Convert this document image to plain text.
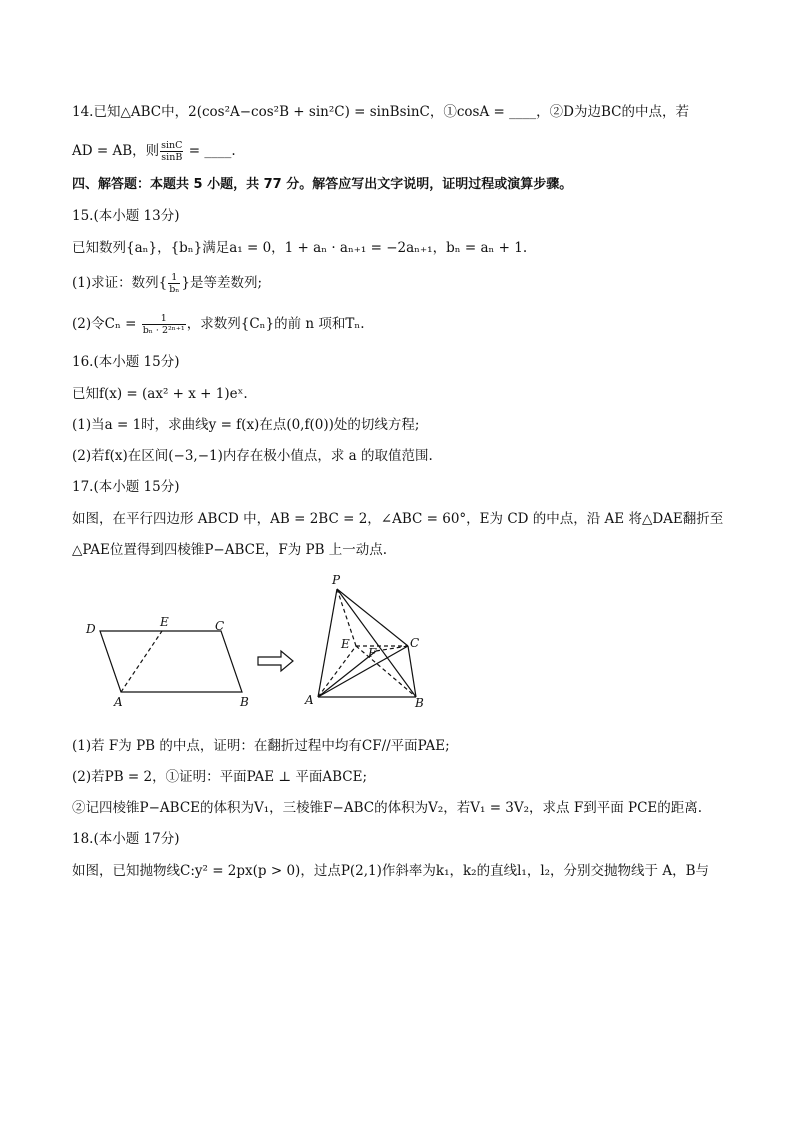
14.已知△ABC中，2(cos²A−cos²B + sin²C) = sinBsinC，①cosA = ____，②D为边BC的中点，若
AD = AB，则 $\frac{\sin C}{\sin B}$ = ____.
四、解答题：本题共 5 小题，共 77 分。解答应写出文字说明，证明过程或演算步骤。
15.(本小题 13分)
已知数列{aₙ}，{bₙ}满足a₁ = 0，1 + aₙ · aₙ₊₁ = −2aₙ₊₁，bₙ = aₙ + 1.
(1)求证：数列{ $\frac{1}{\text{bₙ}}$ }是等差数列;
(2)令$C_n = \frac{1}{\text{bₙ · 2²ⁿ⁺¹}}$ ，求数列{Cₙ}的前 n 项和Tₙ.
16.(本小题 15分)
已知f(x) = (ax² + x + 1)eˣ.
(1)当a = 1时，求曲线y = f(x)在点(0,f(0))处的切线方程;
(2)若f(x)在区间(−3,−1)内存在极小值点，求 a 的取值范围.
17.(本小题 15分)
如图，在平行四边形 ABCD 中，AB = 2BC = 2，∠ABC = 60°，E为 CD 的中点，沿 AE 将△DAE翻折至
△PAE位置得到四棱锥P−ABCE，F为 PB 上一动点.
D	E	C
A	B
P
E
F
C
A	B
(1)若 F为 PB 的中点，证明：在翻折过程中均有CF//平面PAE;
(2)若PB = 2，①证明：平面PAE ⊥ 平面ABCE;
②记四棱锥P−ABCE的体积为V₁，三棱锥F−ABC的体积为V₂，若V₁ = 3V₂，求点 F到平面 PCE的距离.
18.(本小题 17分)
如图，已知抛物线C:y² = 2px(p > 0)，过点P(2,1)作斜率为k₁，k₂的直线l₁，l₂，分别交抛物线于 A，B与
